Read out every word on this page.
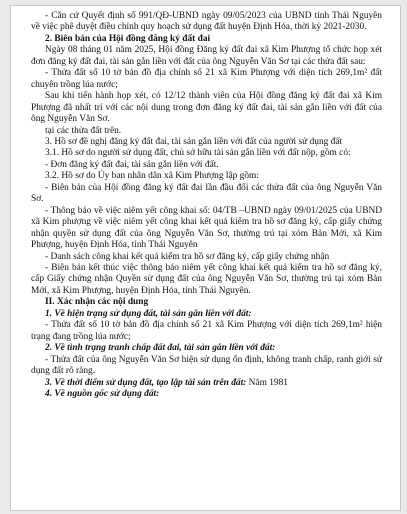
- Căn cứ Quyết định số 991/QĐ-UBND ngày 09/05/2023 của UBND tỉnh Thái Nguyên về việc phê duyệt điều chỉnh quy hoạch sử dụng đất huyện Định Hóa, thời kỳ 2021-2030.

2. Biên bản của Hội đồng đăng ký đất đai

Ngày 08 tháng 01 năm 2025, Hội đồng Đăng ký đất đai xã Kim Phượng tổ chức họp xét đơn đăng ký đất đai, tài sản gắn liền với đất của ông Nguyễn Văn Sơ tại các thửa đất sau:

- Thửa đất số 10 tờ bản đồ địa chính số 21 xã Kim Phượng với diện tích 269,1m² đất chuyên trồng lúa nước;

Sau khi tiến hành họp xét, có 12/12 thành viên của Hội đồng đăng ký đất đai xã Kim Phượng đã nhất trí với các nội dung trong đơn đăng ký đất đai, tài sản gắn liền với đất của ông Nguyễn Văn Sơ.

tại các thửa đất trên.

3. Hồ sơ đề nghị đăng ký đất đai, tài sản gắn liền với đất của người sử dụng đất

3.1. Hồ sơ do người sử dụng đất, chủ sở hữu tài sản gắn liền với đất nộp, gồm có:

- Đơn đăng ký đất đai, tài sản gắn liền với đất.

3.2. Hồ sơ do Ủy ban nhân dân xã Kim Phượng lập gồm:

- Biên bản của Hội đồng đăng ký đất đai lần đầu đối các thửa đất của ông Nguyễn Văn Sơ.

- Thông báo về việc niêm yết công khai số: 04/TB –UBND ngày 09/01/2025 của UBND xã Kim phượng về việc niêm yết công khai kết quả kiểm tra hồ sơ đăng ký, cấp giấy chứng nhận quyền sử dụng đất của ông Nguyễn Văn Sơ, thường trú tại xóm Bản Mới, xã Kim Phượng, huyện Định Hóa, tỉnh Thái Nguyên

- Danh sách công khai kết quả kiểm tra hồ sơ đăng ký, cấp giấy chứng nhận

- Biên bản kết thúc việc thông báo niêm yết công khai kết quả kiểm tra hồ sơ đăng ký, cấp Giấy chứng nhận Quyền sử dụng đất của ông Nguyễn Văn Sơ, thường trú tại xóm Bản Mới, xã Kim Phượng, huyện Định Hóa, tỉnh Thái Nguyên.

II. Xác nhận các nội dung

1. Về hiện trạng sử dụng đất, tài sản gắn liền với đất:

- Thửa đất số 10 tờ bản đồ địa chính số 21 xã Kim Phượng với diện tích 269,1m² hiện trạng đang trồng lúa nước;

2. Về tình trạng tranh chấp đất đai, tài sản gắn liền với đất:

- Thửa đất của ông Nguyễn Văn Sơ hiện sử dụng ổn định, không tranh chấp, ranh giới sử dụng đất rõ ràng.

3. Về thời điểm sử dụng đất, tạo lập tài sản trên đất: Năm 1981

4. Về nguồn gốc sử dụng đất:
